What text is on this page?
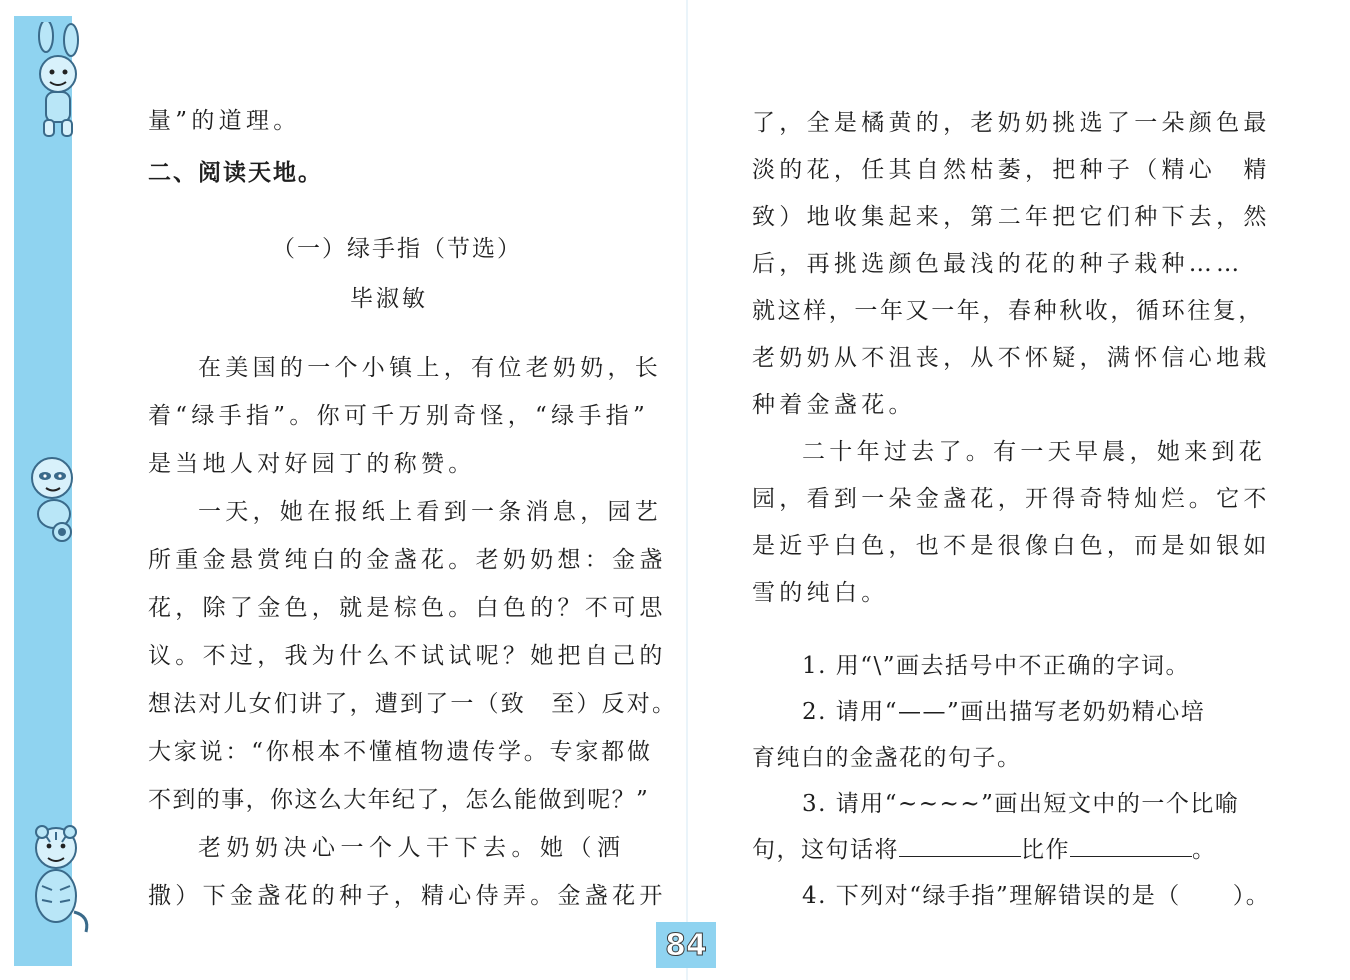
量”的道理。
二、阅读天地。
（一）绿手指（节选）
毕淑敏
在美国的一个小镇上，有位老奶奶，长
着“绿手指”。你可千万别奇怪，“绿手指”
是当地人对好园丁的称赞。
一天，她在报纸上看到一条消息，园艺
所重金悬赏纯白的金盏花。老奶奶想：金盏
花，除了金色，就是棕色。白色的？不可思
议。不过，我为什么不试试呢？她把自己的
想法对儿女们讲了，遭到了一（致　至）反对。
大家说：“你根本不懂植物遗传学。专家都做
不到的事，你这么大年纪了，怎么能做到呢？”
老奶奶决心一个人干下去。她（洒
撒）下金盏花的种子，精心侍弄。金盏花开
了，全是橘黄的，老奶奶挑选了一朵颜色最
淡的花，任其自然枯萎，把种子（精心　精
致）地收集起来，第二年把它们种下去，然
后，再挑选颜色最浅的花的种子栽种……
就这样，一年又一年，春种秋收，循环往复，
老奶奶从不沮丧，从不怀疑，满怀信心地栽
种着金盏花。
二十年过去了。有一天早晨，她来到花
园，看到一朵金盏花，开得奇特灿烂。它不
是近乎白色，也不是很像白色，而是如银如
雪的纯白。
1. 用“\”画去括号中不正确的字词。
2. 请用“——”画出描写老奶奶精心培
育纯白的金盏花的句子。
3. 请用“~~~~”画出短文中的一个比喻
句，这句话将	比作	。
4. 下列对“绿手指”理解错误的是（ ）。
84
